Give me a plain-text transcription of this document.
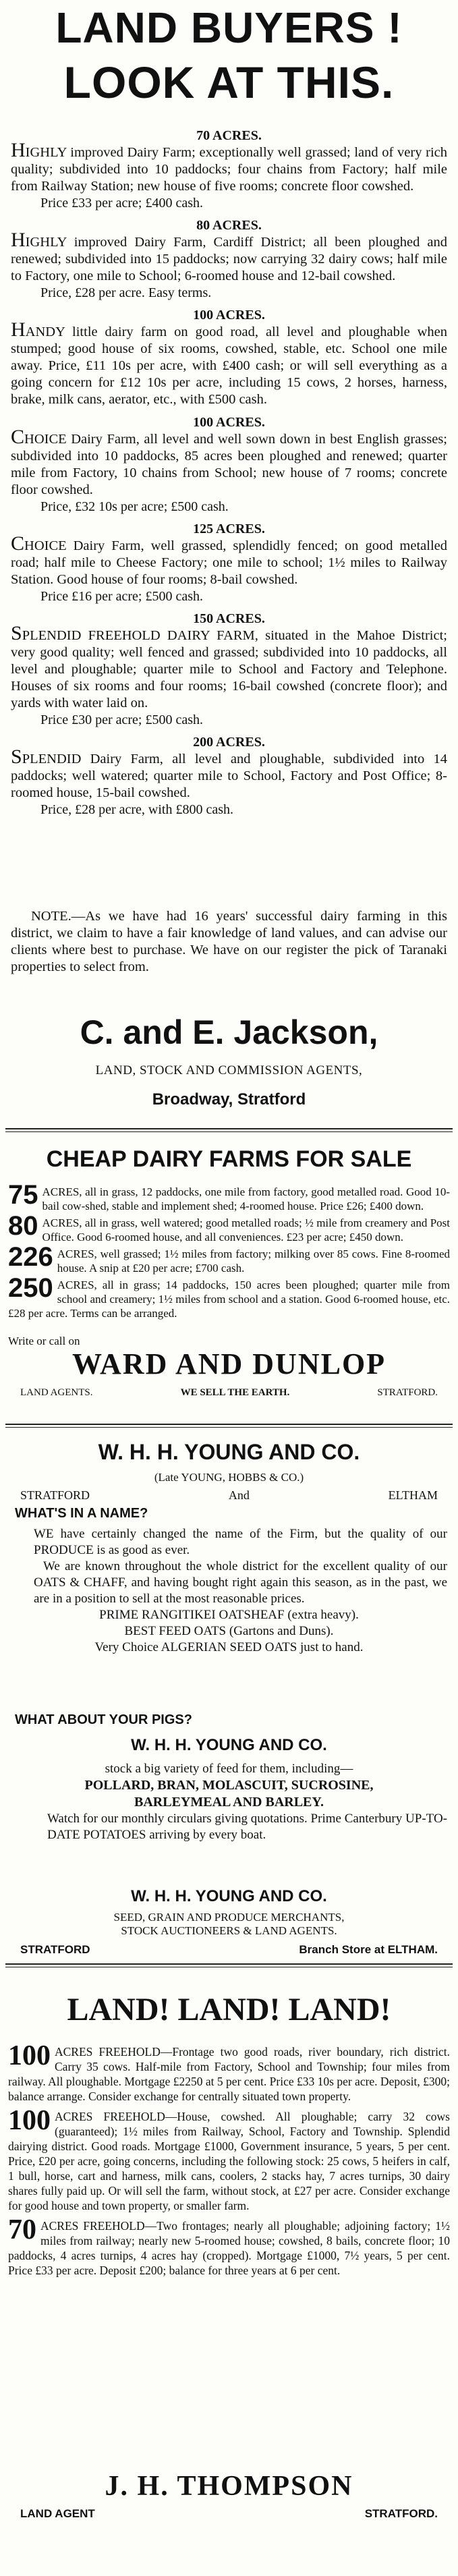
LAND BUYERS !
LOOK AT THIS.

70 ACRES.

HIGHLY improved Dairy Farm; exceptionally well grassed; land of very rich quality; subdivided into 10 paddocks; four chains from Factory; half mile from Railway Station; new house of five rooms; concrete floor cowshed.

Price £33 per acre; £400 cash.

80 ACRES.

HIGHLY improved Dairy Farm, Cardiff District; all been ploughed and renewed; subdivided into 15 paddocks; now carrying 32 dairy cows; half mile to Factory, one mile to School; 6-roomed house and 12-bail cowshed.

Price, £28 per acre. Easy terms.

100 ACRES.

HANDY little dairy farm on good road, all level and ploughable when stumped; good house of six rooms, cowshed, stable, etc. School one mile away. Price, £11 10s per acre, with £400 cash; or will sell everything as a going concern for £12 10s per acre, including 15 cows, 2 horses, harness, brake, milk cans, aerator, etc., with £500 cash.

100 ACRES.

CHOICE Dairy Farm, all level and well sown down in best English grasses; subdivided into 10 paddocks, 85 acres been ploughed and renewed; quarter mile from Factory, 10 chains from School; new house of 7 rooms; concrete floor cowshed.

Price, £32 10s per acre; £500 cash.

125 ACRES.

CHOICE Dairy Farm, well grassed, splendidly fenced; on good metalled road; half mile to Cheese Factory; one mile to school; 1½ miles to Railway Station. Good house of four rooms; 8-bail cowshed.

Price £16 per acre; £500 cash.

150 ACRES.

SPLENDID FREEHOLD DAIRY FARM, situated in the Mahoe District; very good quality; well fenced and grassed; subdivided into 10 paddocks, all level and ploughable; quarter mile to School and Factory and Telephone. Houses of six rooms and four rooms; 16-bail cowshed (concrete floor); and yards with water laid on.

Price £30 per acre; £500 cash.

200 ACRES.

SPLENDID Dairy Farm, all level and ploughable, subdivided into 14 paddocks; well watered; quarter mile to School, Factory and Post Office; 8-roomed house, 15-bail cowshed.

Price, £28 per acre, with £800 cash.

NOTE.—As we have had 16 years' successful dairy farming in this district, we claim to have a fair knowledge of land values, and can advise our clients where best to purchase. We have on our register the pick of Taranaki properties to select from.

C. and E. Jackson,
LAND, STOCK AND COMMISSION AGENTS,
Broadway, Stratford
CHEAP DAIRY FARMS FOR SALE

75 ACRES, all in grass, 12 paddocks, one mile from factory, good metalled road. Good 10-bail cow-shed, stable and implement shed; 4-roomed house. Price £26; £400 down.

80 ACRES, all in grass, well watered; good metalled roads; ½ mile from creamery and Post Office. Good 6-roomed house, and all conveniences. £23 per acre; £450 down.

226 ACRES, well grassed; 1½ miles from factory; milking over 85 cows. Fine 8-roomed house. A snip at £20 per acre; £700 cash.

250 ACRES, all in grass; 14 paddocks, 150 acres been ploughed; quarter mile from school and creamery; 1½ miles from school and a station. Good 6-roomed house, etc. £28 per acre. Terms can be arranged.

Write or call on
WARD AND DUNLOP
LAND AGENTS.	WE SELL THE EARTH.	STRATFORD.
W. H. H. YOUNG AND CO.
(Late YOUNG, HOBBS & CO.)
STRATFORD	And	ELTHAM
WHAT'S IN A NAME?

WE have certainly changed the name of the Firm, but the quality of our PRODUCE is as good as ever.

We are known throughout the whole district for the excellent quality of our OATS & CHAFF, and having bought right again this season, as in the past, we are in a position to sell at the most reasonable prices.

PRIME RANGITIKEI OATSHEAF (extra heavy).

BEST FEED OATS (Gartons and Duns).

Very Choice ALGERIAN SEED OATS just to hand.

WHAT ABOUT YOUR PIGS?
W. H. H. YOUNG AND CO.

stock a big variety of feed for them, including—

POLLARD, BRAN, MOLASCUIT, SUCROSINE, BARLEYMEAL AND BARLEY.

Watch for our monthly circulars giving quotations. Prime Canterbury UP-TO-DATE POTATOES arriving by every boat.

W. H. H. YOUNG AND CO.
SEED, GRAIN AND PRODUCE MERCHANTS,
STOCK AUCTIONEERS & LAND AGENTS.
STRATFORD	Branch Store at ELTHAM.
LAND! LAND! LAND!

100 ACRES FREEHOLD—Frontage two good roads, river boundary, rich district. Carry 35 cows. Half-mile from Factory, School and Township; four miles from railway. All ploughable. Mortgage £2250 at 5 per cent. Price £33 10s per acre. Deposit, £300; balance arrange. Consider exchange for centrally situated town property.

100 ACRES FREEHOLD—House, cowshed. All ploughable; carry 32 cows (guaranteed); 1½ miles from Railway, School, Factory and Township. Splendid dairying district. Good roads. Mortgage £1000, Government insurance, 5 years, 5 per cent. Price, £20 per acre, going concerns, including the following stock: 25 cows, 5 heifers in calf, 1 bull, horse, cart and harness, milk cans, coolers, 2 stacks hay, 7 acres turnips, 30 dairy shares fully paid up. Or will sell the farm, without stock, at £27 per acre. Consider exchange for good house and town property, or smaller farm.

70 ACRES FREEHOLD—Two frontages; nearly all ploughable; adjoining factory; 1½ miles from railway; nearly new 5-roomed house; cowshed, 8 bails, concrete floor; 10 paddocks, 4 acres turnips, 4 acres hay (cropped). Mortgage £1000, 7½ years, 5 per cent. Price £33 per acre. Deposit £200; balance for three years at 6 per cent.

J. H. THOMPSON
LAND AGENT	STRATFORD.
